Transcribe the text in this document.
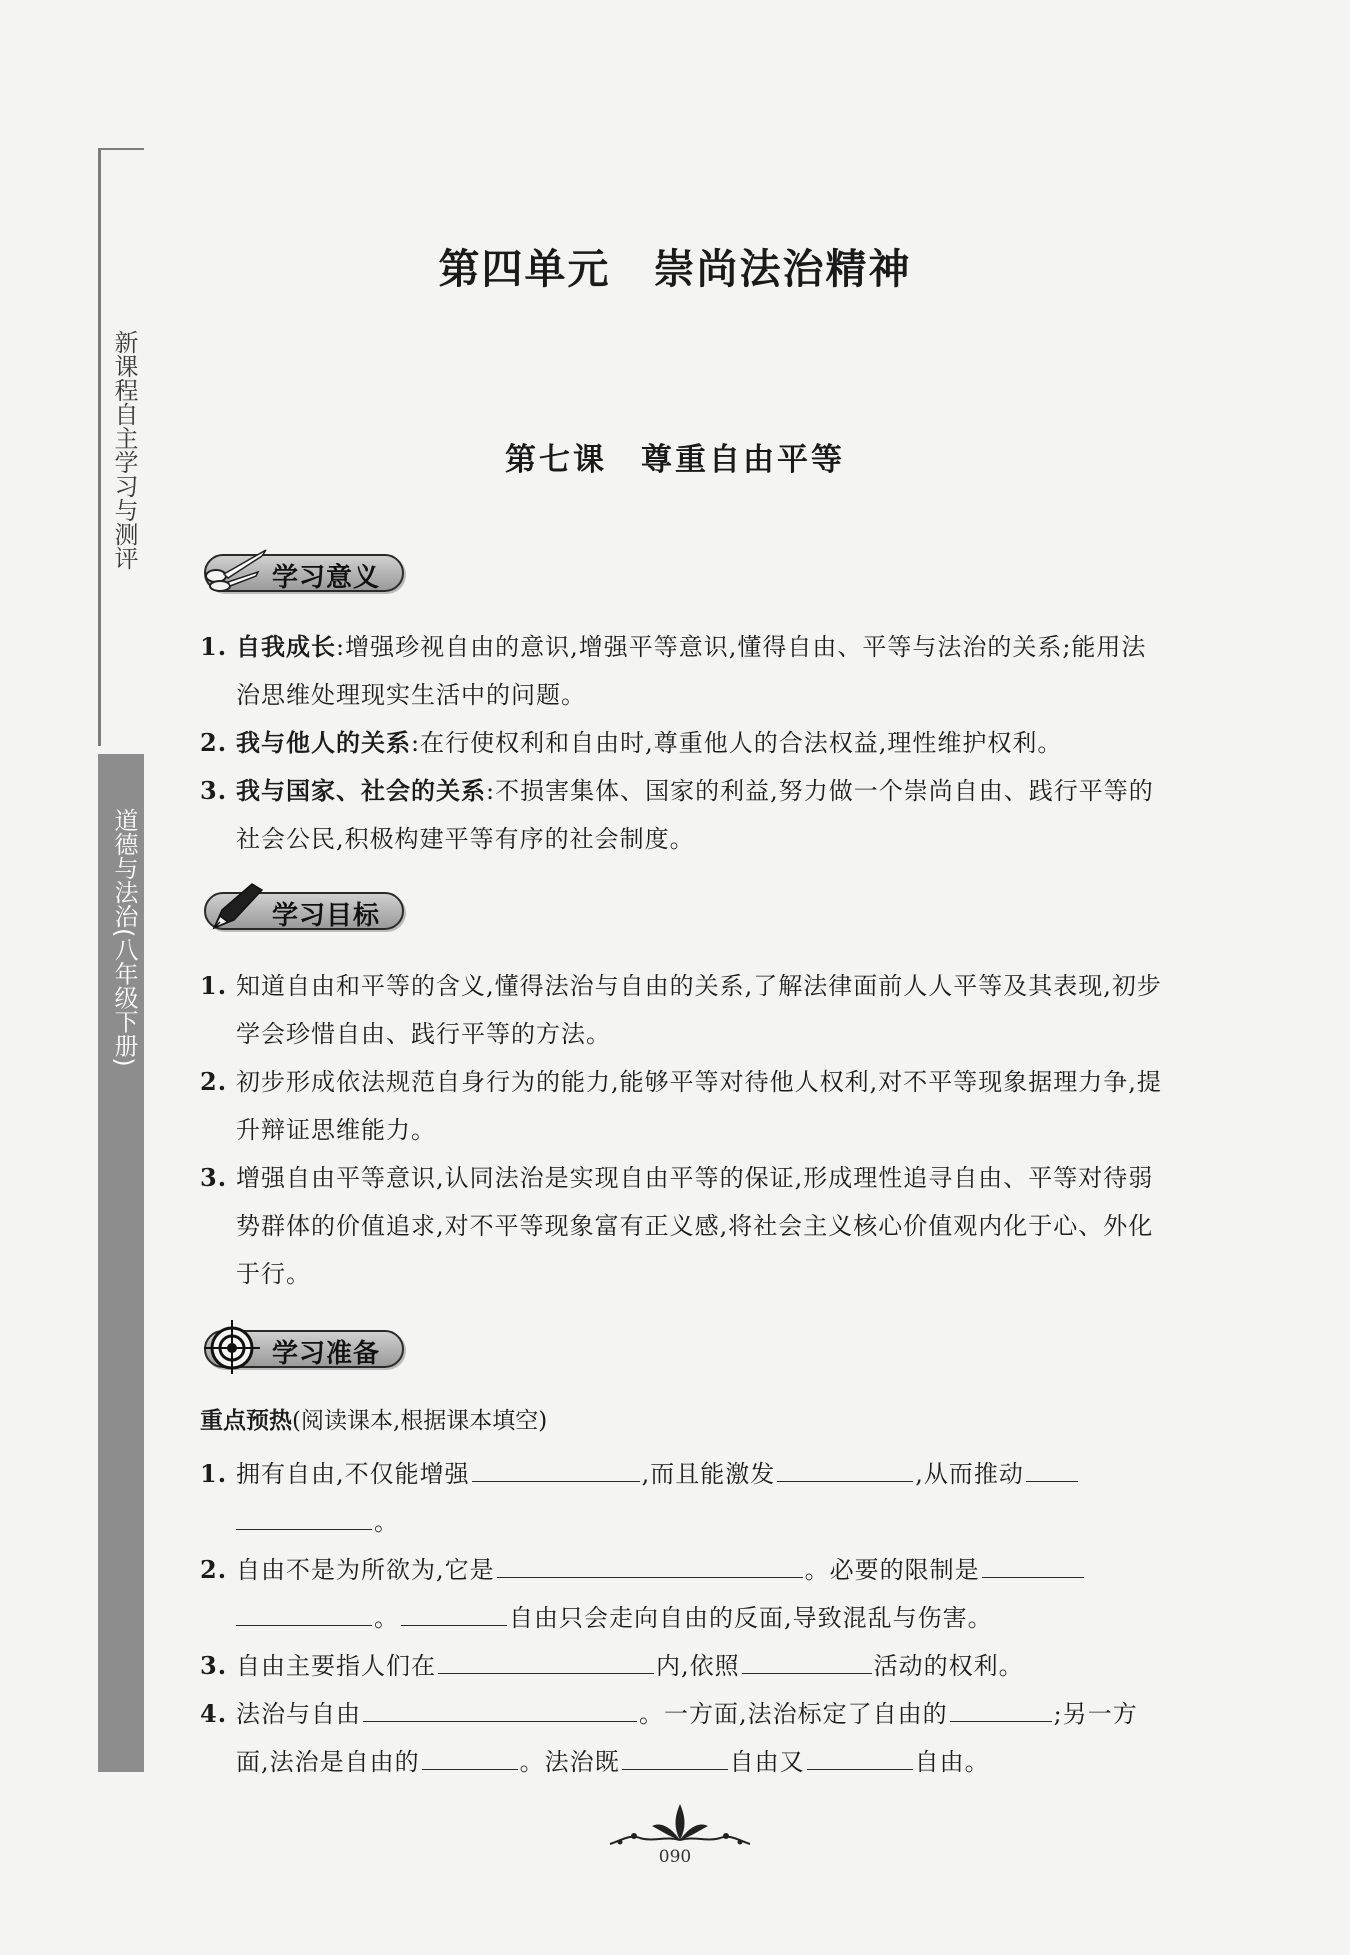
新课程自主学习与测评
道德与法治(八年级下册)
第四单元　崇尚法治精神
第七课　尊重自由平等
学习意义
1. 自我成长:增强珍视自由的意识,增强平等意识,懂得自由、平等与法治的关系;能用法治思维处理现实生活中的问题。
2. 我与他人的关系:在行使权利和自由时,尊重他人的合法权益,理性维护权利。
3. 我与国家、社会的关系:不损害集体、国家的利益,努力做一个崇尚自由、践行平等的社会公民,积极构建平等有序的社会制度。
学习目标
1. 知道自由和平等的含义,懂得法治与自由的关系,了解法律面前人人平等及其表现,初步学会珍惜自由、践行平等的方法。
2. 初步形成依法规范自身行为的能力,能够平等对待他人权利,对不平等现象据理力争,提升辩证思维能力。
3. 增强自由平等意识,认同法治是实现自由平等的保证,形成理性追寻自由、平等对待弱势群体的价值追求,对不平等现象富有正义感,将社会主义核心价值观内化于心、外化于行。
学习准备
重点预热(阅读课本,根据课本填空)
1. 拥有自由,不仅能增强	,而且能激发	,从而推动
。
2. 自由不是为所欲为,它是	。必要的限制是
。	自由只会走向自由的反面,导致混乱与伤害。
3. 自由主要指人们在	内,依照	活动的权利。
4. 法治与自由	。一方面,法治标定了自由的	;另一方面,法治是自由的	。法治既	自由又	自由。
090
